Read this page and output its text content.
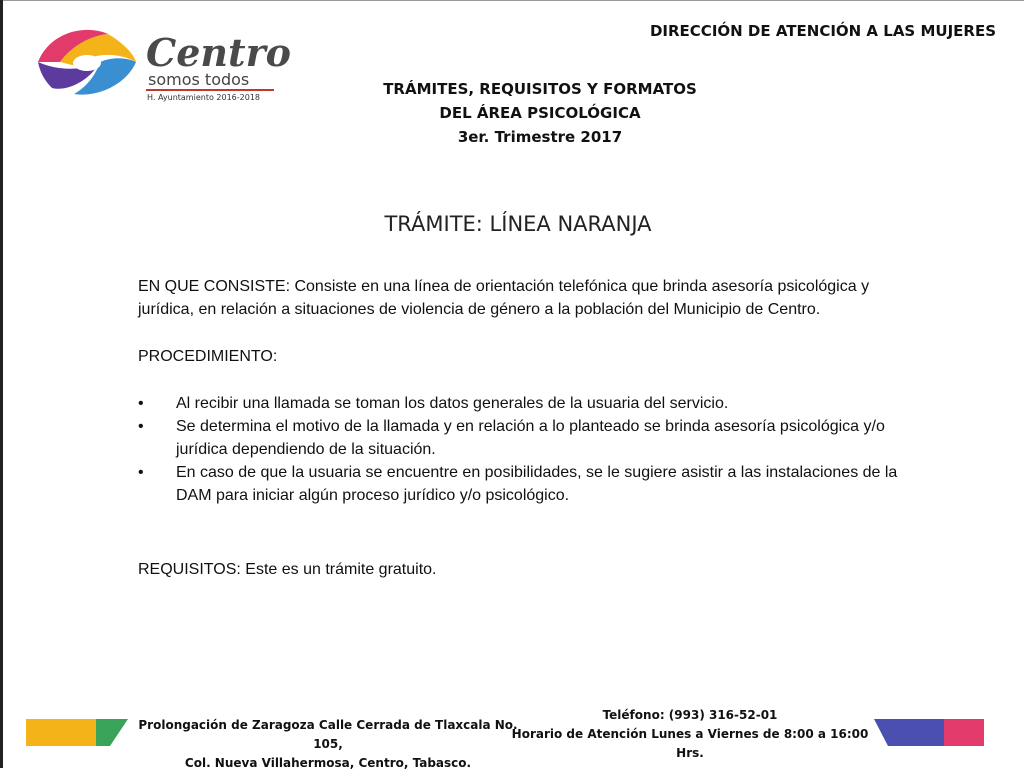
Centro
somos todos
H. Ayuntamiento 2016-2018
DIRECCIÓN DE ATENCIÓN A LAS MUJERES
TRÁMITES, REQUISITOS Y FORMATOS
DEL ÁREA PSICOLÓGICA
3er. Trimestre 2017
TRÁMITE: LÍNEA NARANJA
EN QUE CONSISTE: Consiste en una línea de orientación telefónica que brinda asesoría psicológica y jurídica, en relación a situaciones de violencia de género a la población del Municipio de Centro.
PROCEDIMIENTO:
• Al recibir una llamada se toman los datos generales de la usuaria del servicio.
• Se determina el motivo de la llamada y en relación a lo planteado se brinda asesoría psicológica y/o jurídica dependiendo de la situación.
• En caso de que la usuaria se encuentre en posibilidades, se le sugiere asistir a las instalaciones de la DAM para iniciar algún proceso jurídico y/o psicológico.
REQUISITOS: Este es un trámite gratuito.
Prolongación de Zaragoza Calle Cerrada de Tlaxcala No. 105,
Col. Nueva Villahermosa, Centro, Tabasco.
Teléfono: (993) 316-52-01
Horario de Atención Lunes a Viernes de 8:00 a 16:00 Hrs.
